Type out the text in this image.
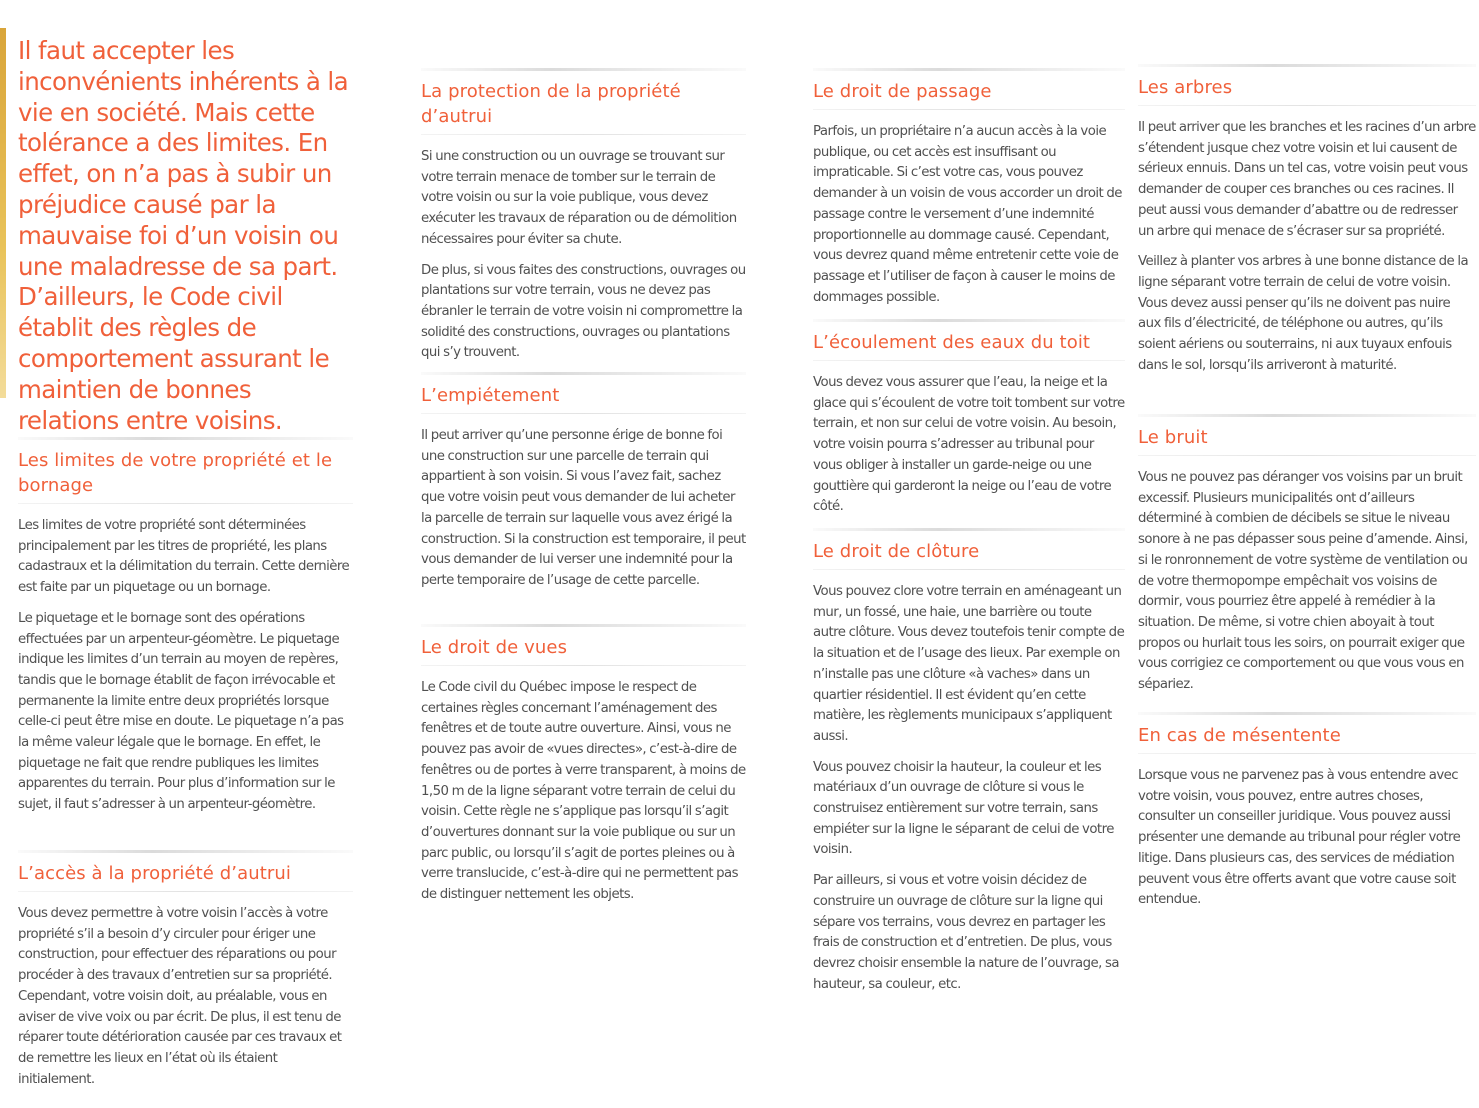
Il faut accepter les inconvénients inhérents à la vie en société. Mais cette tolérance a des limites. En effet, on n’a pas à subir un préjudice causé par la mauvaise foi d’un voisin ou une maladresse de sa part. D’ailleurs, le Code civil établit des règles de comportement assurant le maintien de bonnes relations entre voisins.
Les limites de votre propriété et le bornage

Les limites de votre propriété sont déterminées principalement par les titres de propriété, les plans cadastraux et la délimitation du terrain. Cette dernière est faite par un piquetage ou un bornage.

Le piquetage et le bornage sont des opérations effectuées par un arpenteur-géomètre. Le piquetage indique les limites d’un terrain au moyen de repères, tandis que le bornage établit de façon irrévocable et permanente la limite entre deux propriétés lorsque celle-ci peut être mise en doute. Le piquetage n’a pas la même valeur légale que le bornage. En effet, le piquetage ne fait que rendre publiques les limites apparentes du terrain. Pour plus d’information sur le sujet, il faut s’adresser à un arpenteur-géomètre.

L’accès à la propriété d’autrui

Vous devez permettre à votre voisin l’accès à votre propriété s’il a besoin d’y circuler pour ériger une construction, pour effectuer des réparations ou pour procéder à des travaux d’entretien sur sa propriété. Cependant, votre voisin doit, au préalable, vous en aviser de vive voix ou par écrit. De plus, il est tenu de réparer toute détérioration causée par ces travaux et de remettre les lieux en l’état où ils étaient initialement.

La protection de la propriété d’autrui

Si une construction ou un ouvrage se trouvant sur votre terrain menace de tomber sur le terrain de votre voisin ou sur la voie publique, vous devez exécuter les travaux de réparation ou de démolition nécessaires pour éviter sa chute.

De plus, si vous faites des constructions, ouvrages ou plantations sur votre terrain, vous ne devez pas ébranler le terrain de votre voisin ni compromettre la solidité des constructions, ouvrages ou plantations qui s’y trouvent.

L’empiétement

Il peut arriver qu’une personne érige de bonne foi une construction sur une parcelle de terrain qui appartient à son voisin. Si vous l’avez fait, sachez que votre voisin peut vous demander de lui acheter la parcelle de terrain sur laquelle vous avez érigé la construction. Si la construction est temporaire, il peut vous demander de lui verser une indemnité pour la perte temporaire de l’usage de cette parcelle.

Le droit de vues

Le Code civil du Québec impose le respect de certaines règles concernant l’aménagement des fenêtres et de toute autre ouverture. Ainsi, vous ne pouvez pas avoir de «vues directes», c’est-à-dire de fenêtres ou de portes à verre transparent, à moins de 1,50 m de la ligne séparant votre terrain de celui du voisin. Cette règle ne s’applique pas lorsqu’il s’agit d’ouvertures donnant sur la voie publique ou sur un parc public, ou lorsqu’il s’agit de portes pleines ou à verre translucide, c’est-à-dire qui ne permettent pas de distinguer nettement les objets.

Le droit de passage

Parfois, un propriétaire n’a aucun accès à la voie publique, ou cet accès est insuffisant ou impraticable. Si c’est votre cas, vous pouvez demander à un voisin de vous accorder un droit de passage contre le versement d’une indemnité proportionnelle au dommage causé. Cependant, vous devrez quand même entretenir cette voie de passage et l’utiliser de façon à causer le moins de dommages possible.

L’écoulement des eaux du toit

Vous devez vous assurer que l’eau, la neige et la glace qui s’écoulent de votre toit tombent sur votre terrain, et non sur celui de votre voisin. Au besoin, votre voisin pourra s’adresser au tribunal pour vous obliger à installer un garde-neige ou une gouttière qui garderont la neige ou l’eau de votre côté.

Le droit de clôture

Vous pouvez clore votre terrain en aménageant un mur, un fossé, une haie, une barrière ou toute autre clôture. Vous devez toutefois tenir compte de la situation et de l’usage des lieux. Par exemple on n’installe pas une clôture «à vaches» dans un quartier résidentiel. Il est évident qu’en cette matière, les règlements municipaux s’appliquent aussi.

Vous pouvez choisir la hauteur, la couleur et les matériaux d’un ouvrage de clôture si vous le construisez entièrement sur votre terrain, sans empiéter sur la ligne le séparant de celui de votre voisin.

Par ailleurs, si vous et votre voisin décidez de construire un ouvrage de clôture sur la ligne qui sépare vos terrains, vous devrez en partager les frais de construction et d’entretien. De plus, vous devrez choisir ensemble la nature de l’ouvrage, sa hauteur, sa couleur, etc.

Les arbres

Il peut arriver que les branches et les racines d’un arbre s’étendent jusque chez votre voisin et lui causent de sérieux ennuis. Dans un tel cas, votre voisin peut vous demander de couper ces branches ou ces racines. Il peut aussi vous demander d’abattre ou de redresser un arbre qui menace de s’écraser sur sa propriété.

Veillez à planter vos arbres à une bonne distance de la ligne séparant votre terrain de celui de votre voisin. Vous devez aussi penser qu’ils ne doivent pas nuire aux fils d’électricité, de téléphone ou autres, qu’ils soient aériens ou souterrains, ni aux tuyaux enfouis dans le sol, lorsqu’ils arriveront à maturité.

Le bruit

Vous ne pouvez pas déranger vos voisins par un bruit excessif. Plusieurs municipalités ont d’ailleurs déterminé à combien de décibels se situe le niveau sonore à ne pas dépasser sous peine d’amende. Ainsi, si le ronronnement de votre système de ventilation ou de votre thermopompe empêchait vos voisins de dormir, vous pourriez être appelé à remédier à la situation. De même, si votre chien aboyait à tout propos ou hurlait tous les soirs, on pourrait exiger que vous corrigiez ce comportement ou que vous vous en sépariez.

En cas de mésentente

Lorsque vous ne parvenez pas à vous entendre avec votre voisin, vous pouvez, entre autres choses, consulter un conseiller juridique. Vous pouvez aussi présenter une demande au tribunal pour régler votre litige. Dans plusieurs cas, des services de médiation peuvent vous être offerts avant que votre cause soit entendue.
